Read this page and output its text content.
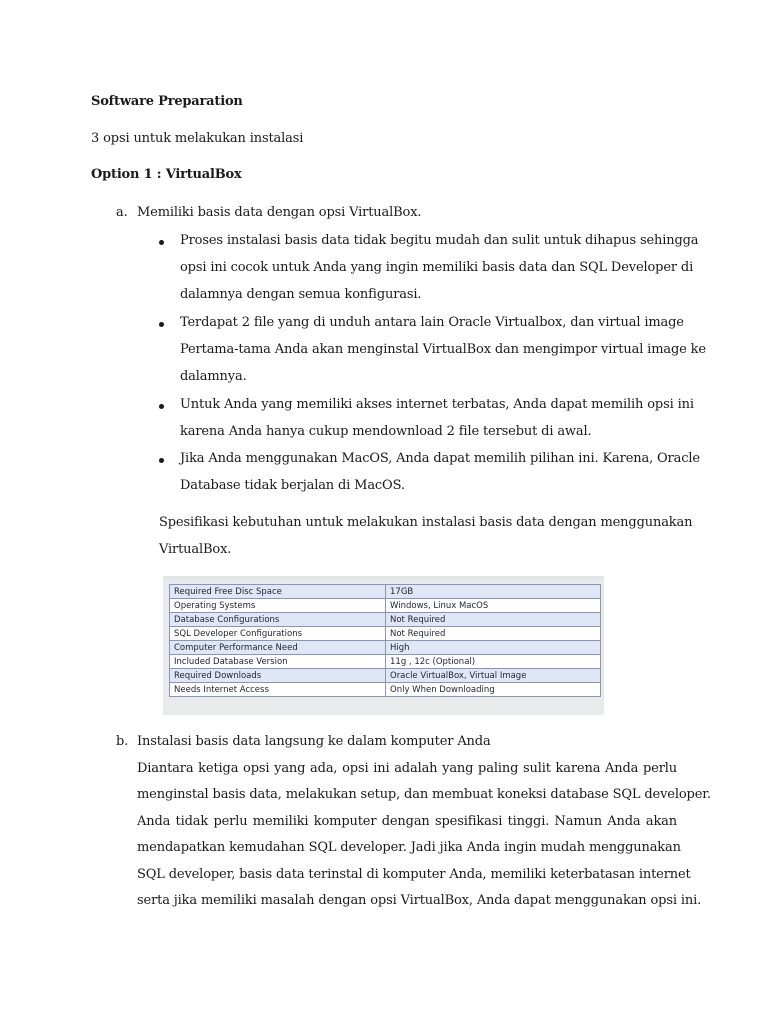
Software Preparation
3 opsi untuk melakukan instalasi
Option 1 : VirtualBox
a. Memiliki basis data dengan opsi VirtualBox.
Proses instalasi basis data tidak begitu mudah dan sulit untuk dihapus sehingga
opsi ini cocok untuk Anda yang ingin memiliki basis data dan SQL Developer di
dalamnya dengan semua konfigurasi.
Terdapat 2 file yang di unduh antara lain Oracle Virtualbox, dan virtual image
Pertama-tama Anda akan menginstal VirtualBox dan mengimpor virtual image ke
dalamnya.
Untuk Anda yang memiliki akses internet terbatas, Anda dapat memilih opsi ini
karena Anda hanya cukup mendownload 2 file tersebut di awal.
Jika Anda menggunakan MacOS, Anda dapat memilih pilihan ini. Karena, Oracle
Database tidak berjalan di MacOS.
Spesifikasi kebutuhan untuk melakukan instalasi basis data dengan menggunakan
VirtualBox.
Required Free Disc Space	17GB
Operating Systems	Windows, Linux MacOS
Database Configurations	Not Required
SQL Developer Configurations	Not Required
Computer Performance Need	High
Included Database Version	11g , 12c (Optional)
Required Downloads	Oracle VirtualBox, Virtual Image
Needs Internet Access	Only When Downloading
b. Instalasi basis data langsung ke dalam komputer Anda
Diantara ketiga opsi yang ada, opsi ini adalah yang paling sulit karena Anda perlu
menginstal basis data, melakukan setup, dan membuat koneksi database SQL developer.
Anda tidak perlu memiliki komputer dengan spesifikasi tinggi. Namun Anda akan
mendapatkan kemudahan SQL developer. Jadi jika Anda ingin mudah menggunakan
SQL developer, basis data terinstal di komputer Anda, memiliki keterbatasan internet
serta jika memiliki masalah dengan opsi VirtualBox, Anda dapat menggunakan opsi ini.
